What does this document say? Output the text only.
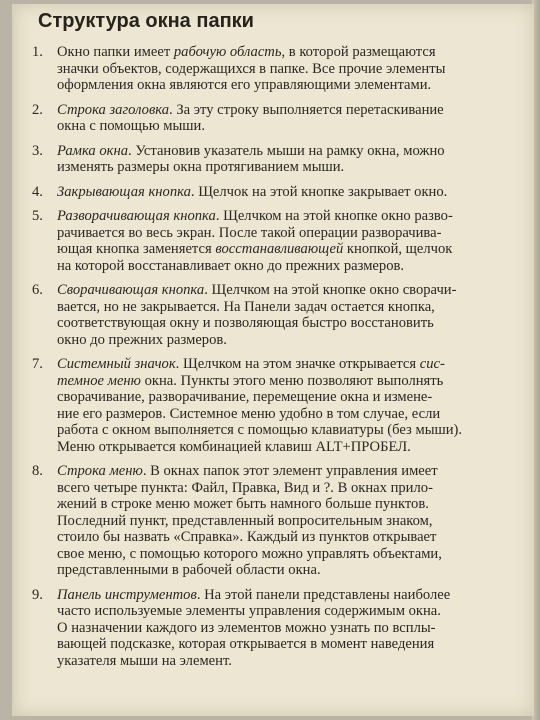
Структура окна папки
1. Окно папки имеет рабочую область, в которой размещаются
значки объектов, содержащихся в папке. Все прочие элементы
оформления окна являются его управляющими элементами.
2. Строка заголовка. За эту строку выполняется перетаскивание
окна с помощью мыши.
3. Рамка окна. Установив указатель мыши на рамку окна, можно
изменять размеры окна протягиванием мыши.
4. Закрывающая кнопка. Щелчок на этой кнопке закрывает окно.
5. Разворачивающая кнопка. Щелчком на этой кнопке окно разво-
рачивается во весь экран. После такой операции разворачива-
ющая кнопка заменяется восстанавливающей кнопкой, щелчок
на которой восстанавливает окно до прежних размеров.
6. Сворачивающая кнопка. Щелчком на этой кнопке окно сворачи-
вается, но не закрывается. На Панели задач остается кнопка,
соответствующая окну и позволяющая быстро восстановить
окно до прежних размеров.
7. Системный значок. Щелчком на этом значке открывается сис-
темное меню окна. Пункты этого меню позволяют выполнять
сворачивание, разворачивание, перемещение окна и измене-
ние его размеров. Системное меню удобно в том случае, если
работа с окном выполняется с помощью клавиатуры (без мыши).
Меню открывается комбинацией клавиш ALT+ПРОБЕЛ.
8. Строка меню. В окнах папок этот элемент управления имеет
всего четыре пункта: Файл, Правка, Вид и ?. В окнах прило-
жений в строке меню может быть намного больше пунктов.
Последний пункт, представленный вопросительным знаком,
стоило бы назвать «Справка». Каждый из пунктов открывает
свое меню, с помощью которого можно управлять объектами,
представленными в рабочей области окна.
9. Панель инструментов. На этой панели представлены наиболее
часто используемые элементы управления содержимым окна.
О назначении каждого из элементов можно узнать по всплы-
вающей подсказке, которая открывается в момент наведения
указателя мыши на элемент.
